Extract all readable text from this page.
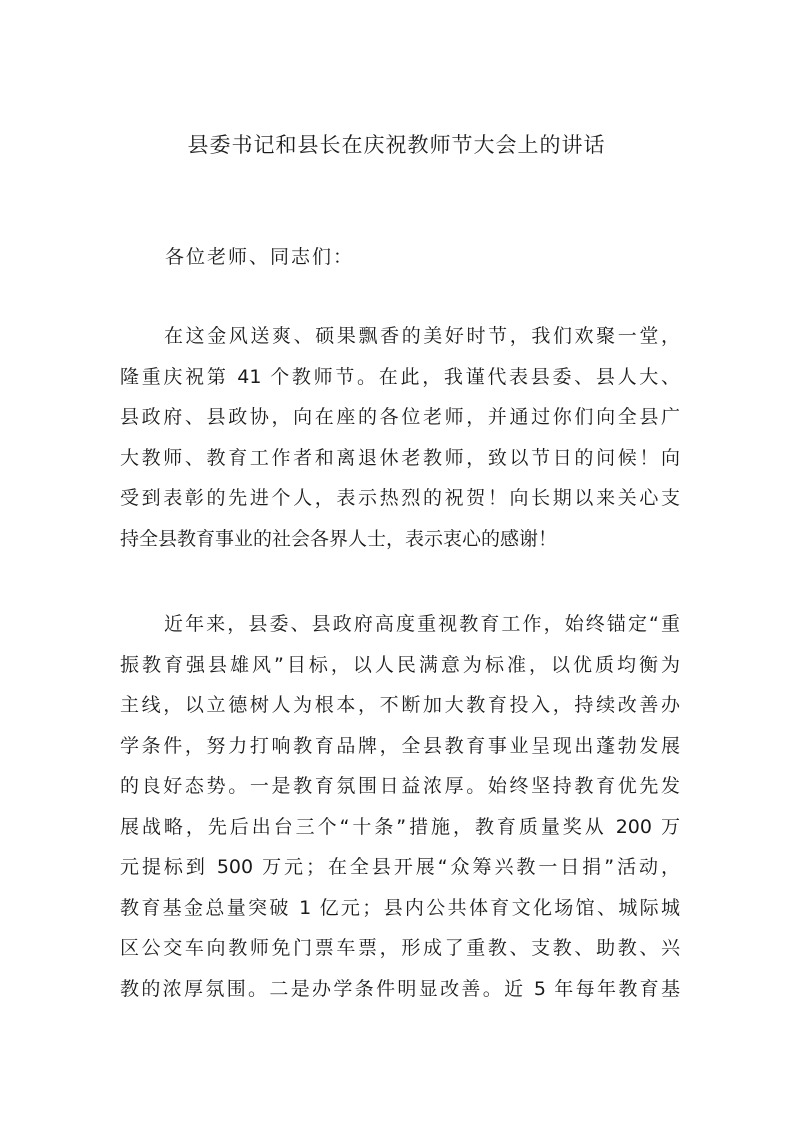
县委书记和县长在庆祝教师节大会上的讲话
各位老师、同志们：
在这金风送爽、硕果飘香的美好时节，我们欢聚一堂，
隆重庆祝第 41 个教师节。在此，我谨代表县委、县人大、
县政府、县政协，向在座的各位老师，并通过你们向全县广
大教师、教育工作者和离退休老教师，致以节日的问候！向
受到表彰的先进个人，表示热烈的祝贺！向长期以来关心支
持全县教育事业的社会各界人士，表示衷心的感谢！
近年来，县委、县政府高度重视教育工作，始终锚定“重
振教育强县雄风”目标，以人民满意为标准，以优质均衡为
主线，以立德树人为根本，不断加大教育投入，持续改善办
学条件，努力打响教育品牌，全县教育事业呈现出蓬勃发展
的良好态势。一是教育氛围日益浓厚。始终坚持教育优先发
展战略，先后出台三个“十条”措施，教育质量奖从 200 万
元提标到 500 万元；在全县开展“众筹兴教一日捐”活动，
教育基金总量突破 1 亿元；县内公共体育文化场馆、城际城
区公交车向教师免门票车票，形成了重教、支教、助教、兴
教的浓厚氛围。二是办学条件明显改善。近 5 年每年教育基
